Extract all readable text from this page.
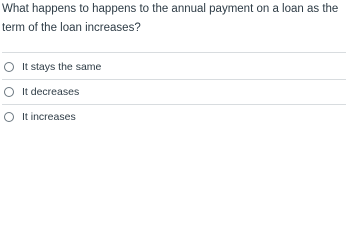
What happens to happens to the annual payment on a loan as the term of the loan increases?

It stays the same
It decreases
It increases
